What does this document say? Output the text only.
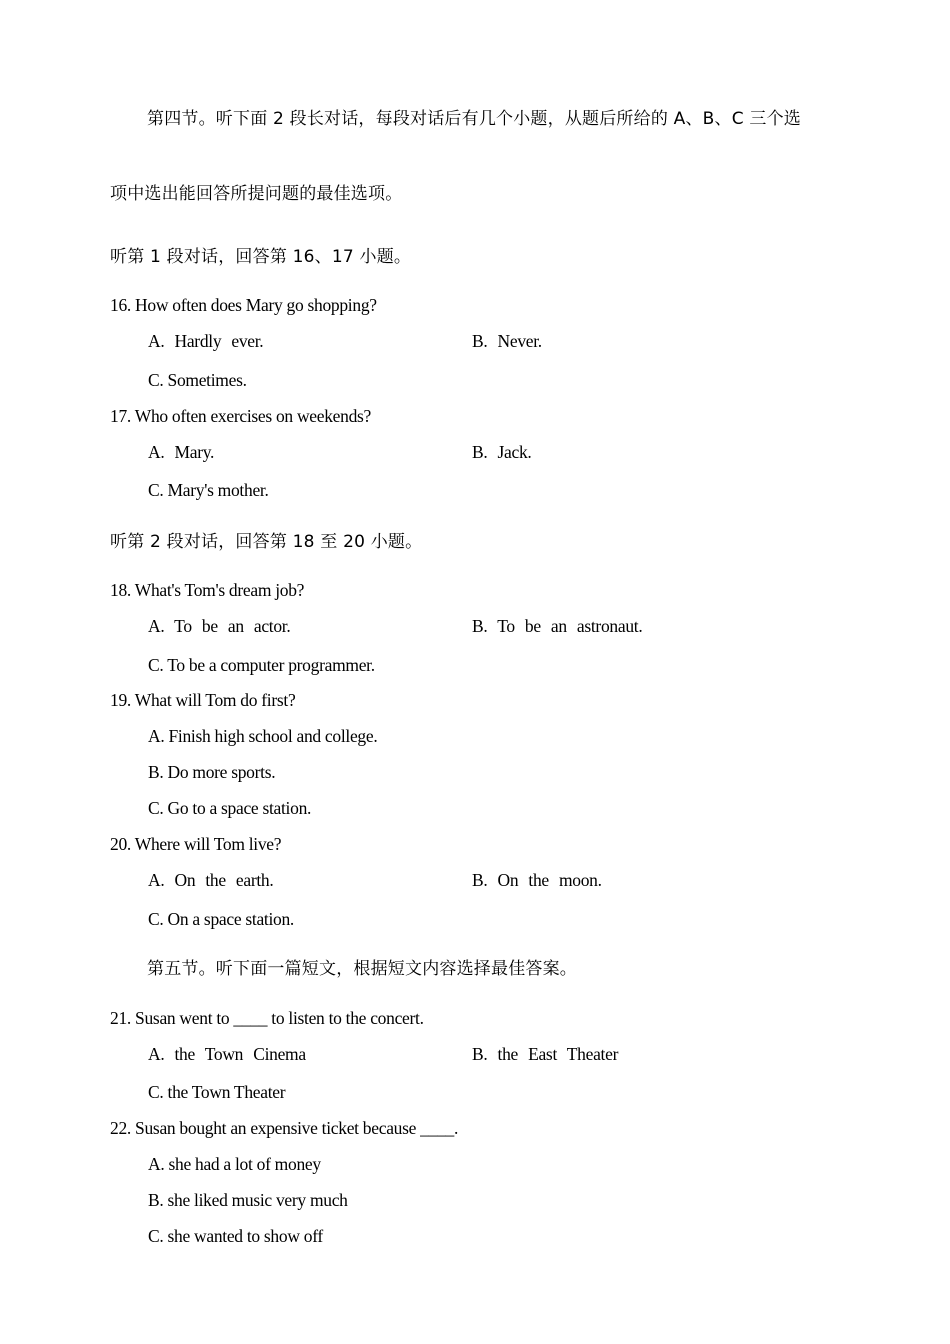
第四节。听下面 2 段长对话，每段对话后有几个小题，从题后所给的 A、B、C 三个选
项中选出能回答所提问题的最佳选项。
听第 1 段对话，回答第 16、17 小题。
16. How often does Mary go shopping?
A. Hardly ever.	B. Never.
C. Sometimes.
17. Who often exercises on weekends?
A. Mary.	B. Jack.
C. Mary's mother.
听第 2 段对话，回答第 18 至 20 小题。
18. What's Tom's dream job?
A. To be an actor.	B. To be an astronaut.
C. To be a computer programmer.
19. What will Tom do first?
A. Finish high school and college.
B. Do more sports.
C. Go to a space station.
20. Where will Tom live?
A. On the earth.	B. On the moon.
C. On a space station.
第五节。听下面一篇短文，根据短文内容选择最佳答案。
21. Susan went to ____ to listen to the concert.
A. the Town Cinema	B. the East Theater
C. the Town Theater
22. Susan bought an expensive ticket because ____.
A. she had a lot of money
B. she liked music very much
C. she wanted to show off
